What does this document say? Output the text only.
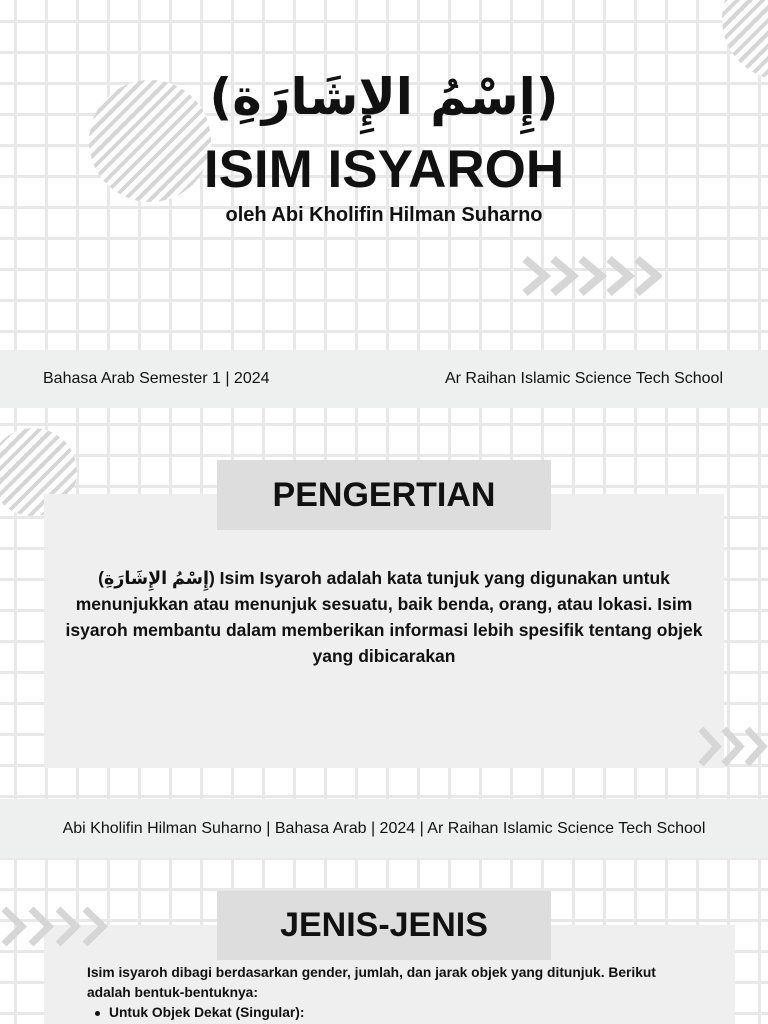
(إِسْمُ الإِشَارَةِ)
ISIM ISYAROH
oleh Abi Kholifin Hilman Suharno
Bahasa Arab Semester 1 | 2024	Ar Raihan Islamic Science Tech School
PENGERTIAN

(إِسْمُ الإِشَارَةِ) Isim Isyaroh adalah kata tunjuk yang digunakan untuk menunjukkan atau menunjuk sesuatu, baik benda, orang, atau lokasi. Isim isyaroh membantu dalam memberikan informasi lebih spesifik tentang objek yang dibicarakan

Abi Kholifin Hilman Suharno | Bahasa Arab | 2024 | Ar Raihan Islamic Science Tech School
JENIS-JENIS

Isim isyaroh dibagi berdasarkan gender, jumlah, dan jarak objek yang ditunjuk. Berikut adalah bentuk-bentuknya:

Untuk Objek Dekat (Singular):
